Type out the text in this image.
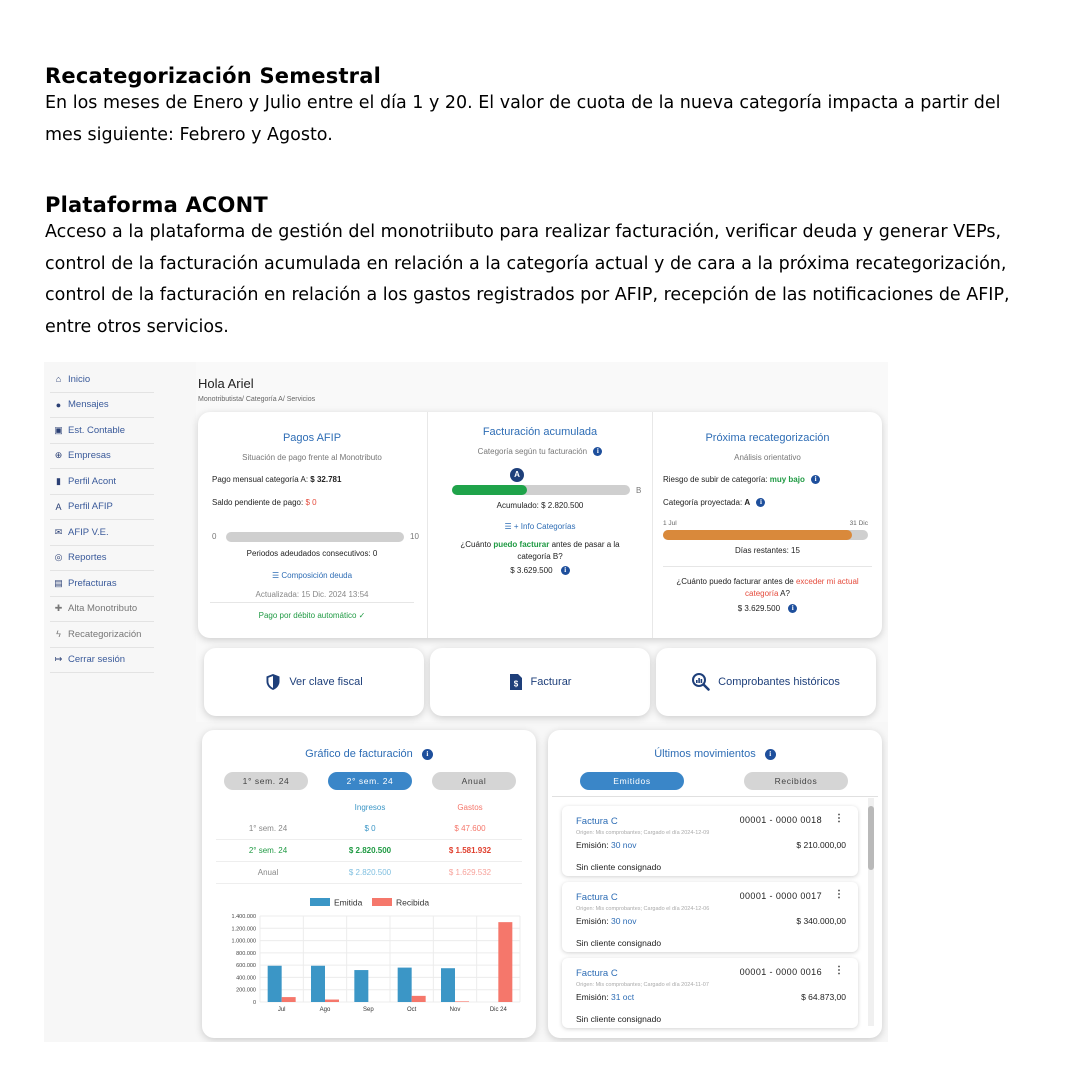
Recategorización Semestral

En los meses de Enero y Julio entre el día 1 y 20. El valor de cuota de la nueva categoría impacta a partir del mes siguiente: Febrero y Agosto.

Plataforma ACONT

Acceso a la plataforma de gestión del monotriibuto para realizar facturación, verificar deuda y generar VEPs, control de la facturación acumulada en relación a la categoría actual y de cara a la próxima recategorización, control de la facturación en relación a los gastos registrados por AFIP, recepción de las notificaciones de AFIP, entre otros servicios.

⌂ Inicio
● Mensajes
▣ Est. Contable
⊕ Empresas
▮ Perfil Acont
A Perfil AFIP
✉ AFIP V.E.
◎ Reportes
▤ Prefacturas
✚ Alta Monotributo
ϟ Recategorización
↦ Cerrar sesión
Hola Ariel
Monotributista/ Categoría A/ Servicios
Pagos AFIP
Situación de pago frente al Monotributo
Pago mensual categoría A: $ 32.781
Saldo pendiente de pago: $ 0
0	10
Periodos adeudados consecutivos: 0
☰ Composición deuda
Actualizada: 15 Dic. 2024 13:54
Pago por débito automático ✓
Facturación acumulada
Categoría según tu facturación i
A
B
Acumulado: $ 2.820.500
☰ + Info Categorías
¿Cuánto puedo facturar antes de pasar a la categoría B?
$ 3.629.500 i
Próxima recategorización
Análisis orientativo
Riesgo de subir de categoría: muy bajo i
Categoría proyectada: A i
1 Jul	31 Dic
Días restantes: 15
¿Cuánto puedo facturar antes de exceder mi actual categoría A?
$ 3.629.500 i
Ver clave fiscal	$ Facturar	Comprobantes históricos
Gráfico de facturación i
1° sem. 24	2° sem. 24	Anual
Ingresos	Gastos
1° sem. 24	$ 0	$ 47.600
2° sem. 24	$ 2.820.500	$ 1.581.932
Anual	$ 2.820.500	$ 1.629.532
Emitida	Recibida
0
200.000
400.000
600.000
800.000
1.000.000
1.200.000
1.400.000
Jul	Ago	Sep	Oct	Nov	Dic 24
Últimos movimientos i
Emitidos	Recibidos
Factura C	00001 - 0000 0018 ⋮
Origen: Mis comprobantes; Cargado el día 2024-12-09
Emisión: 30 nov	$ 210.000,00
Sin cliente consignado
Factura C	00001 - 0000 0017 ⋮
Origen: Mis comprobantes; Cargado el día 2024-12-06
Emisión: 30 nov	$ 340.000,00
Sin cliente consignado
Factura C	00001 - 0000 0016 ⋮
Origen: Mis comprobantes; Cargado el día 2024-11-07
Emisión: 31 oct	$ 64.873,00
Sin cliente consignado
